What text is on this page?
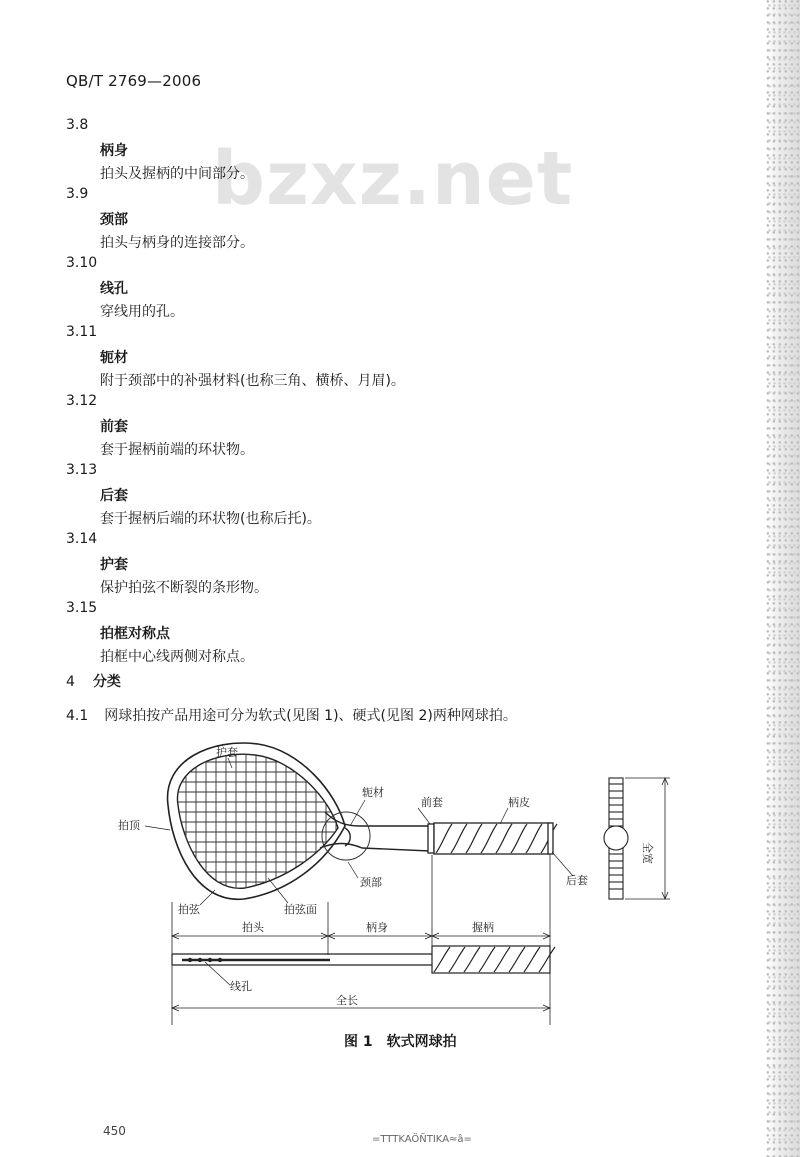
QB/T 2769—2006
bzxz.net
3.8
柄身
拍头及握柄的中间部分。
3.9
颈部
拍头与柄身的连接部分。
3.10
线孔
穿线用的孔。
3.11
轭材
附于颈部中的补强材料(也称三角、横桥、月眉)。
3.12
前套
套于握柄前端的环状物。
3.13
后套
套于握柄后端的环状物(也称后托)。
3.14
护套
保护拍弦不断裂的条形物。
3.15
拍框对称点
拍框中心线两侧对称点。
4 分类
4.1 网球拍按产品用途可分为软式(见图 1)、硬式(见图 2)两种网球拍。
护套
轭材
前套	柄皮
拍顶
后套
颈部
拍弦	拍弦面
全宽
拍头	柄身	握柄
线孔
全长
图 1 软式网球拍
450
=TTTKAÖÑTIKA≈â=
